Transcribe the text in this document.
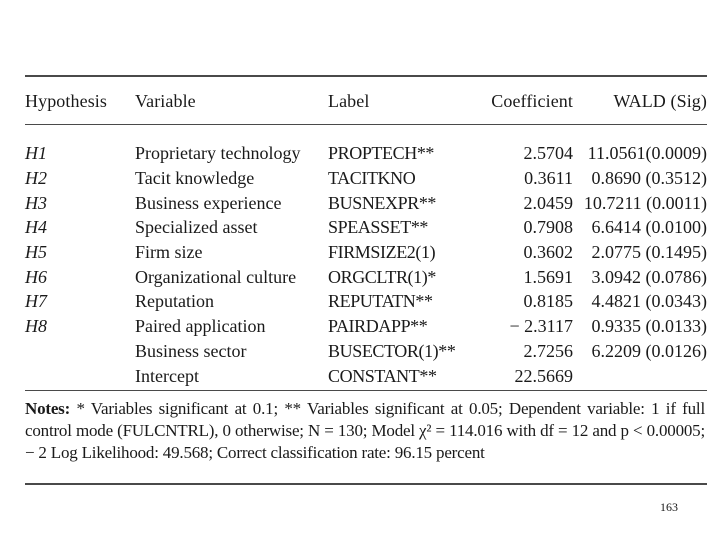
Hypothesis	Variable	Label	Coefficient	WALD (Sig)
H1	Proprietary technology	PROPTECH**	2.5704	11.0561(0.0009)
H2	Tacit knowledge	TACITKNO	0.3611	0.8690 (0.3512)
H3	Business experience	BUSNEXPR**	2.0459	10.7211 (0.0011)
H4	Specialized asset	SPEASSET**	0.7908	6.6414 (0.0100)
H5	Firm size	FIRMSIZE2(1)	0.3602	2.0775 (0.1495)
H6	Organizational culture	ORGCLTR(1)*	1.5691	3.0942 (0.0786)
H7	Reputation	REPUTATN**	0.8185	4.4821 (0.0343)
H8	Paired application	PAIRDAPP**	− 2.3117	0.9335 (0.0133)
	Business sector	BUSECTOR(1)**	2.7256	6.2209 (0.0126)
	Intercept	CONSTANT**	22.5669	
Notes: * Variables significant at 0.1; ** Variables significant at 0.05; Dependent variable: 1 if full control mode (FULCNTRL), 0 otherwise; N = 130; Model χ² = 114.016 with df = 12 and p < 0.00005; − 2 Log Likelihood: 49.568; Correct classification rate: 96.15 percent
163
